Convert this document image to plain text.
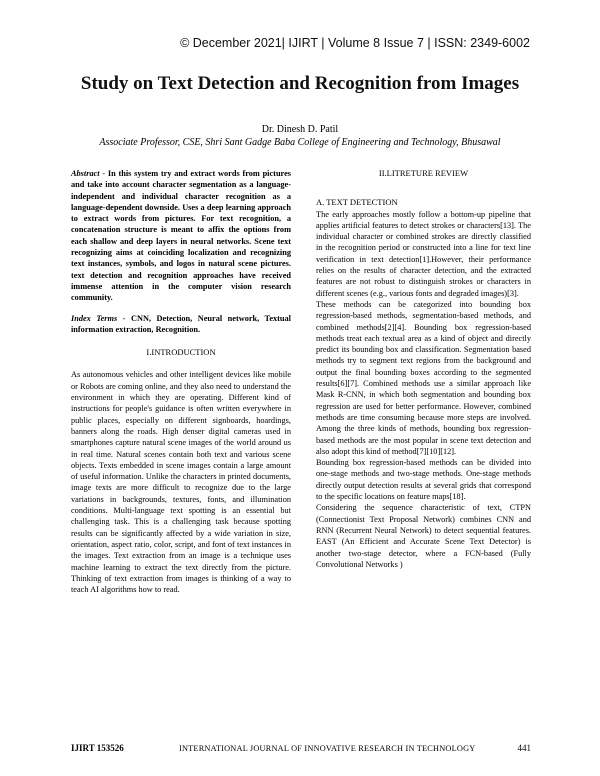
© December 2021| IJIRT | Volume 8 Issue 7 | ISSN: 2349-6002
Study on Text Detection and Recognition from Images
Dr. Dinesh D. Patil
Associate Professor, CSE, Shri Sant Gadge Baba College of Engineering and Technology, Bhusawal

Abstract - In this system try and extract words from pictures and take into account character segmentation as a language-independent and individual character recognition as a language-dependent downside. Uses a deep learning approach to extract words from pictures. For text recognition, a concatenation structure is meant to affix the options from each shallow and deep layers in neural networks. Scene text recognizing aims at coinciding localization and recognizing text instances, symbols, and logos in natural scene pictures. text detection and recognition approaches have received immense attention in the computer vision research community.

Index Terms - CNN, Detection, Neural network, Textual information extraction, Recognition.

I.INTRODUCTION

As autonomous vehicles and other intelligent devices like mobile or Robots are coming online, and they also need to understand the environment in which they are operating. Different kind of instructions for people's guidance is often written everywhere in public places, especially on different signboards, hoardings, banners along the roads. High denser digital cameras used in smartphones capture natural scene images of the world around us in real time. Natural scenes contain both text and various scene objects. Texts embedded in scene images contain a large amount of useful information. Unlike the characters in printed documents, image texts are more difficult to recognize due to the large variations in backgrounds, textures, fonts, and illumination conditions. Multi-language text spotting is an essential but challenging task. This is a challenging task because spotting results can be significantly affected by a wide variation in size, orientation, aspect ratio, color, script, and font of text instances in the images. Text extraction from an image is a technique uses machine learning to extract the text directly from the picture. Thinking of text extraction from images is thinking of a way to teach AI algorithms how to read.

II.LITRETURE REVIEW

A. TEXT DETECTION

The early approaches mostly follow a bottom-up pipeline that applies artificial features to detect strokes or characters[13]. The individual character or combined strokes are directly classified in the recognition period or constructed into a line for text line verification in text detection[1].However, their performance relies on the results of character detection, and the extracted features are not robust to distinguish strokes or characters in different scenes (e.g., various fonts and degraded images)[3].

These methods can be categorized into bounding box regression-based methods, segmentation-based methods, and combined methods[2][4]. Bounding box regression-based methods treat each textual area as a kind of object and directly predict its bounding box and classification. Segmentation based methods try to segment text regions from the background and output the final bounding boxes according to the segmented results[6][7]. Combined methods use a similar approach like Mask R-CNN, in which both segmentation and bounding box regression are used for better performance. However, combined methods are time consuming because more steps are involved. Among the three kinds of methods, bounding box regression-based methods are the most popular in scene text detection and also adopt this kind of method[7][10][12].

Bounding box regression-based methods can be divided into one-stage methods and two-stage methods. One-stage methods directly output detection results at several grids that correspond to the specific locations on feature maps[18].

Considering the sequence characteristic of text, CTPN (Connectionist Text Proposal Network) combines CNN and RNN (Recurrent Neural Network) to detect sequential features. EAST (An Efficient and Accurate Scene Text Detector) is another two-stage detector, where a FCN-based (Fully Convolutional Networks )

IJIRT 153526	INTERNATIONAL JOURNAL OF INNOVATIVE RESEARCH IN TECHNOLOGY	441
